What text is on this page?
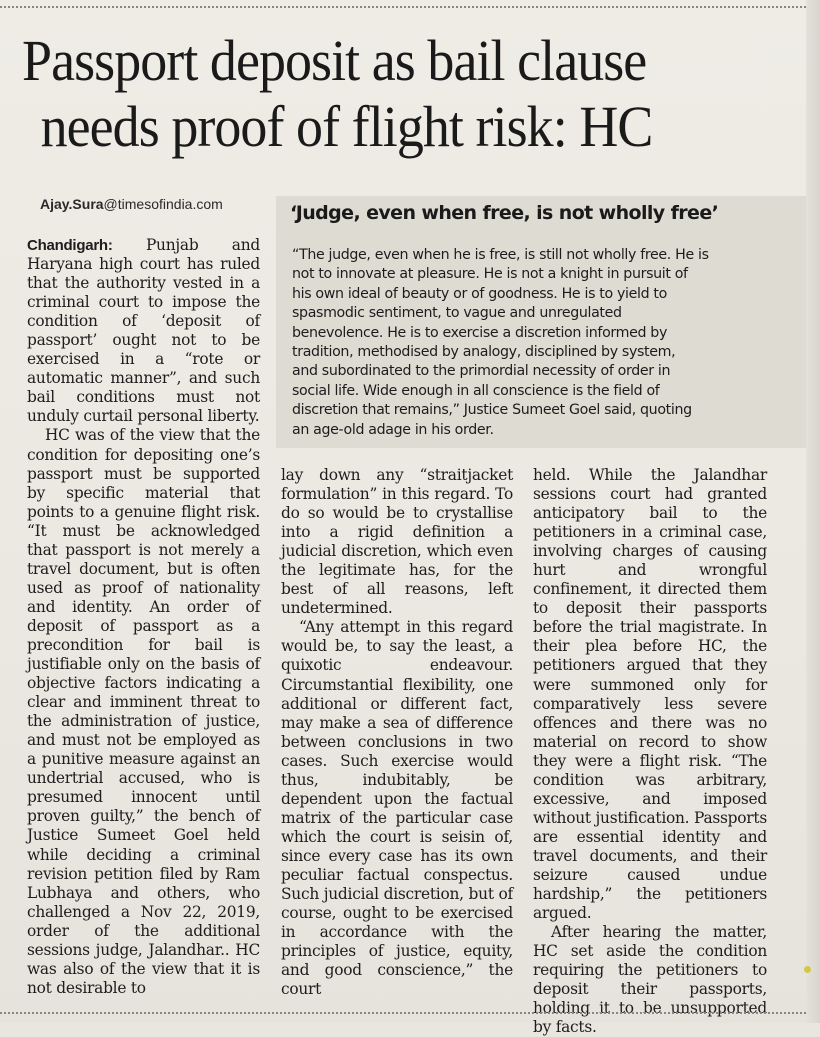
Passport deposit as bail clause
needs proof of flight risk: HC
Ajay.Sura@timesofindia.com	‘Judge, even when free, is not wholly free’
“The judge, even when he is free, is still not wholly free. He is
not to innovate at pleasure. He is not a knight in pursuit of
his own ideal of beauty or of goodness. He is to yield to
spasmodic sentiment, to vague and unregulated
benevolence. He is to exercise a discretion informed by
tradition, methodised by analogy, disciplined by system,
and subordinated to the primordial necessity of order in
social life. Wide enough in all conscience is the field of
discretion that remains,” Justice Sumeet Goel said, quoting
an age-old adage in his order.

Chandigarh: Punjab and Haryana high court has ruled that the authority vested in a criminal court to impose the condition of ‘deposit of passport’ ought not to be exercised in a “rote or automatic manner”, and such bail conditions must not unduly curtail personal liberty.

HC was of the view that the condition for depositing one’s passport must be supported by specific material that points to a genuine flight risk. “It must be acknowledged that passport is not merely a travel document, but is often used as proof of nationality and identity. An order of deposit of passport as a precondition for bail is justifiable only on the basis of objective factors indicating a clear and imminent threat to the administration of justice, and must not be employed as a punitive measure against an undertrial accused, who is presumed innocent until proven guilty,” the bench of Justice Sumeet Goel held while deciding a criminal revision petition filed by Ram Lubhaya and others, who challenged a Nov 22, 2019, order of the additional sessions judge, Jalandhar.. HC was also of the view that it is not desirable to

lay down any “straitjacket formulation” in this regard. To do so would be to crystallise into a rigid definition a judicial discretion, which even the legitimate has, for the best of all reasons, left undetermined.

“Any attempt in this regard would be, to say the least, a quixotic endeavour. Circumstantial flexibility, one additional or different fact, may make a sea of difference between conclusions in two cases. Such exercise would thus, indubitably, be dependent upon the factual matrix of the particular case which the court is seisin of, since every case has its own peculiar factual conspectus. Such judicial discretion, but of course, ought to be exercised in accordance with the principles of justice, equity, and good conscience,” the court

held. While the Jalandhar sessions court had granted anticipatory bail to the petitioners in a criminal case, involving charges of causing hurt and wrongful confinement, it directed them to deposit their passports before the trial magistrate. In their plea before HC, the petitioners argued that they were summoned only for comparatively less severe offences and there was no material on record to show they were a flight risk. “The condition was arbitrary, excessive, and imposed without justification. Passports are essential identity and travel documents, and their seizure caused undue hardship,” the petitioners argued.

After hearing the matter, HC set aside the condition requiring the petitioners to deposit their passports, holding it to be unsupported by facts.
